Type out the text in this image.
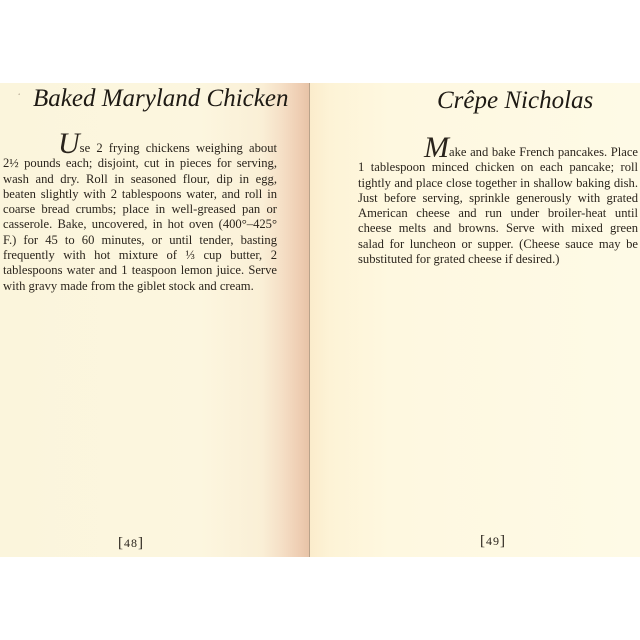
‘ Baked Maryland Chicken

Use 2 frying chickens weighing about 2½ pounds each; disjoint, cut in pieces for serving, wash and dry. Roll in seasoned flour, dip in egg, beaten slightly with 2 tablespoons water, and roll in coarse bread crumbs; place in well-greased pan or casserole. Bake, uncovered, in hot oven (400°–425° F.) for 45 to 60 minutes, or until tender, basting frequently with hot mixture of ⅓ cup butter, 2 tablespoons water and 1 teaspoon lemon juice. Serve with gravy made from the giblet stock and cream.

[48]
Crêpe Nicholas

Make and bake French pancakes. Place 1 tablespoon minced chicken on each pancake; roll tightly and place close together in shallow baking dish. Just before serving, sprinkle generously with grated American cheese and run under broiler-heat until cheese melts and browns. Serve with mixed green salad for luncheon or supper. (Cheese sauce may be substituted for grated cheese if desired.)

[49]
